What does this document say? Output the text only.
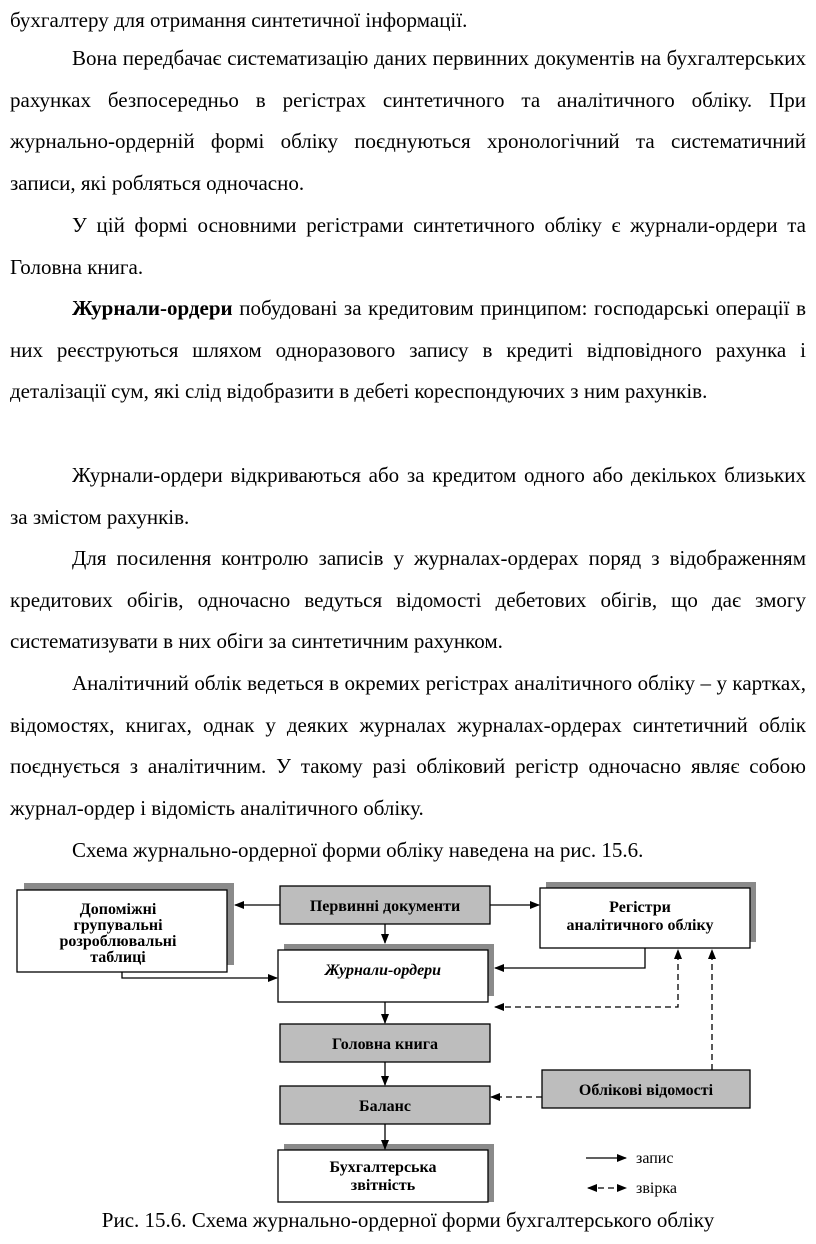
бухгалтеру для отримання синтетичної інформації.

Вона передбачає систематизацію даних первинних документів на бухгалтерських рахунках безпосередньо в регістрах синтетичного та аналітичного обліку. При журнально-ордерній формі обліку поєднуються хронологічний та систематичний записи, які робляться одночасно.

У цій формі основними регістрами синтетичного обліку є журнали-ордери та Головна книга.

Журнали-ордери побудовані за кредитовим принципом: господарські операції в них реєструються шляхом одноразового запису в кредиті відповідного рахунка і деталізації сум, які слід відобразити в дебеті кореспондуючих з ним рахунків.

Журнали-ордери відкриваються або за кредитом одного або декількох близьких за змістом рахунків.

Для посилення контролю записів у журналах-ордерах поряд з відображенням кредитових обігів, одночасно ведуться відомості дебетових обігів, що дає змогу систематизувати в них обіги за синтетичним рахунком.

Аналітичний облік ведеться в окремих регістрах аналітичного обліку – у картках, відомостях, книгах, однак у деяких журналах журналах-ордерах синтетичний облік поєднується з аналітичним. У такому разі обліковий регістр одночасно являє собою журнал-ордер і відомість аналітичного обліку.

Схема журнально-ордерної форми обліку наведена на рис. 15.6.

Допоміжні
групувальні
розроблювальні
таблиці
Первинні документи	Регістри
аналітичного обліку
Журнали-ордери
Головна книга
Баланс
Облікові відомості
Бухгалтерська
звітність
запис
звірка

Рис. 15.6. Схема журнально-ордерної форми бухгалтерського обліку
